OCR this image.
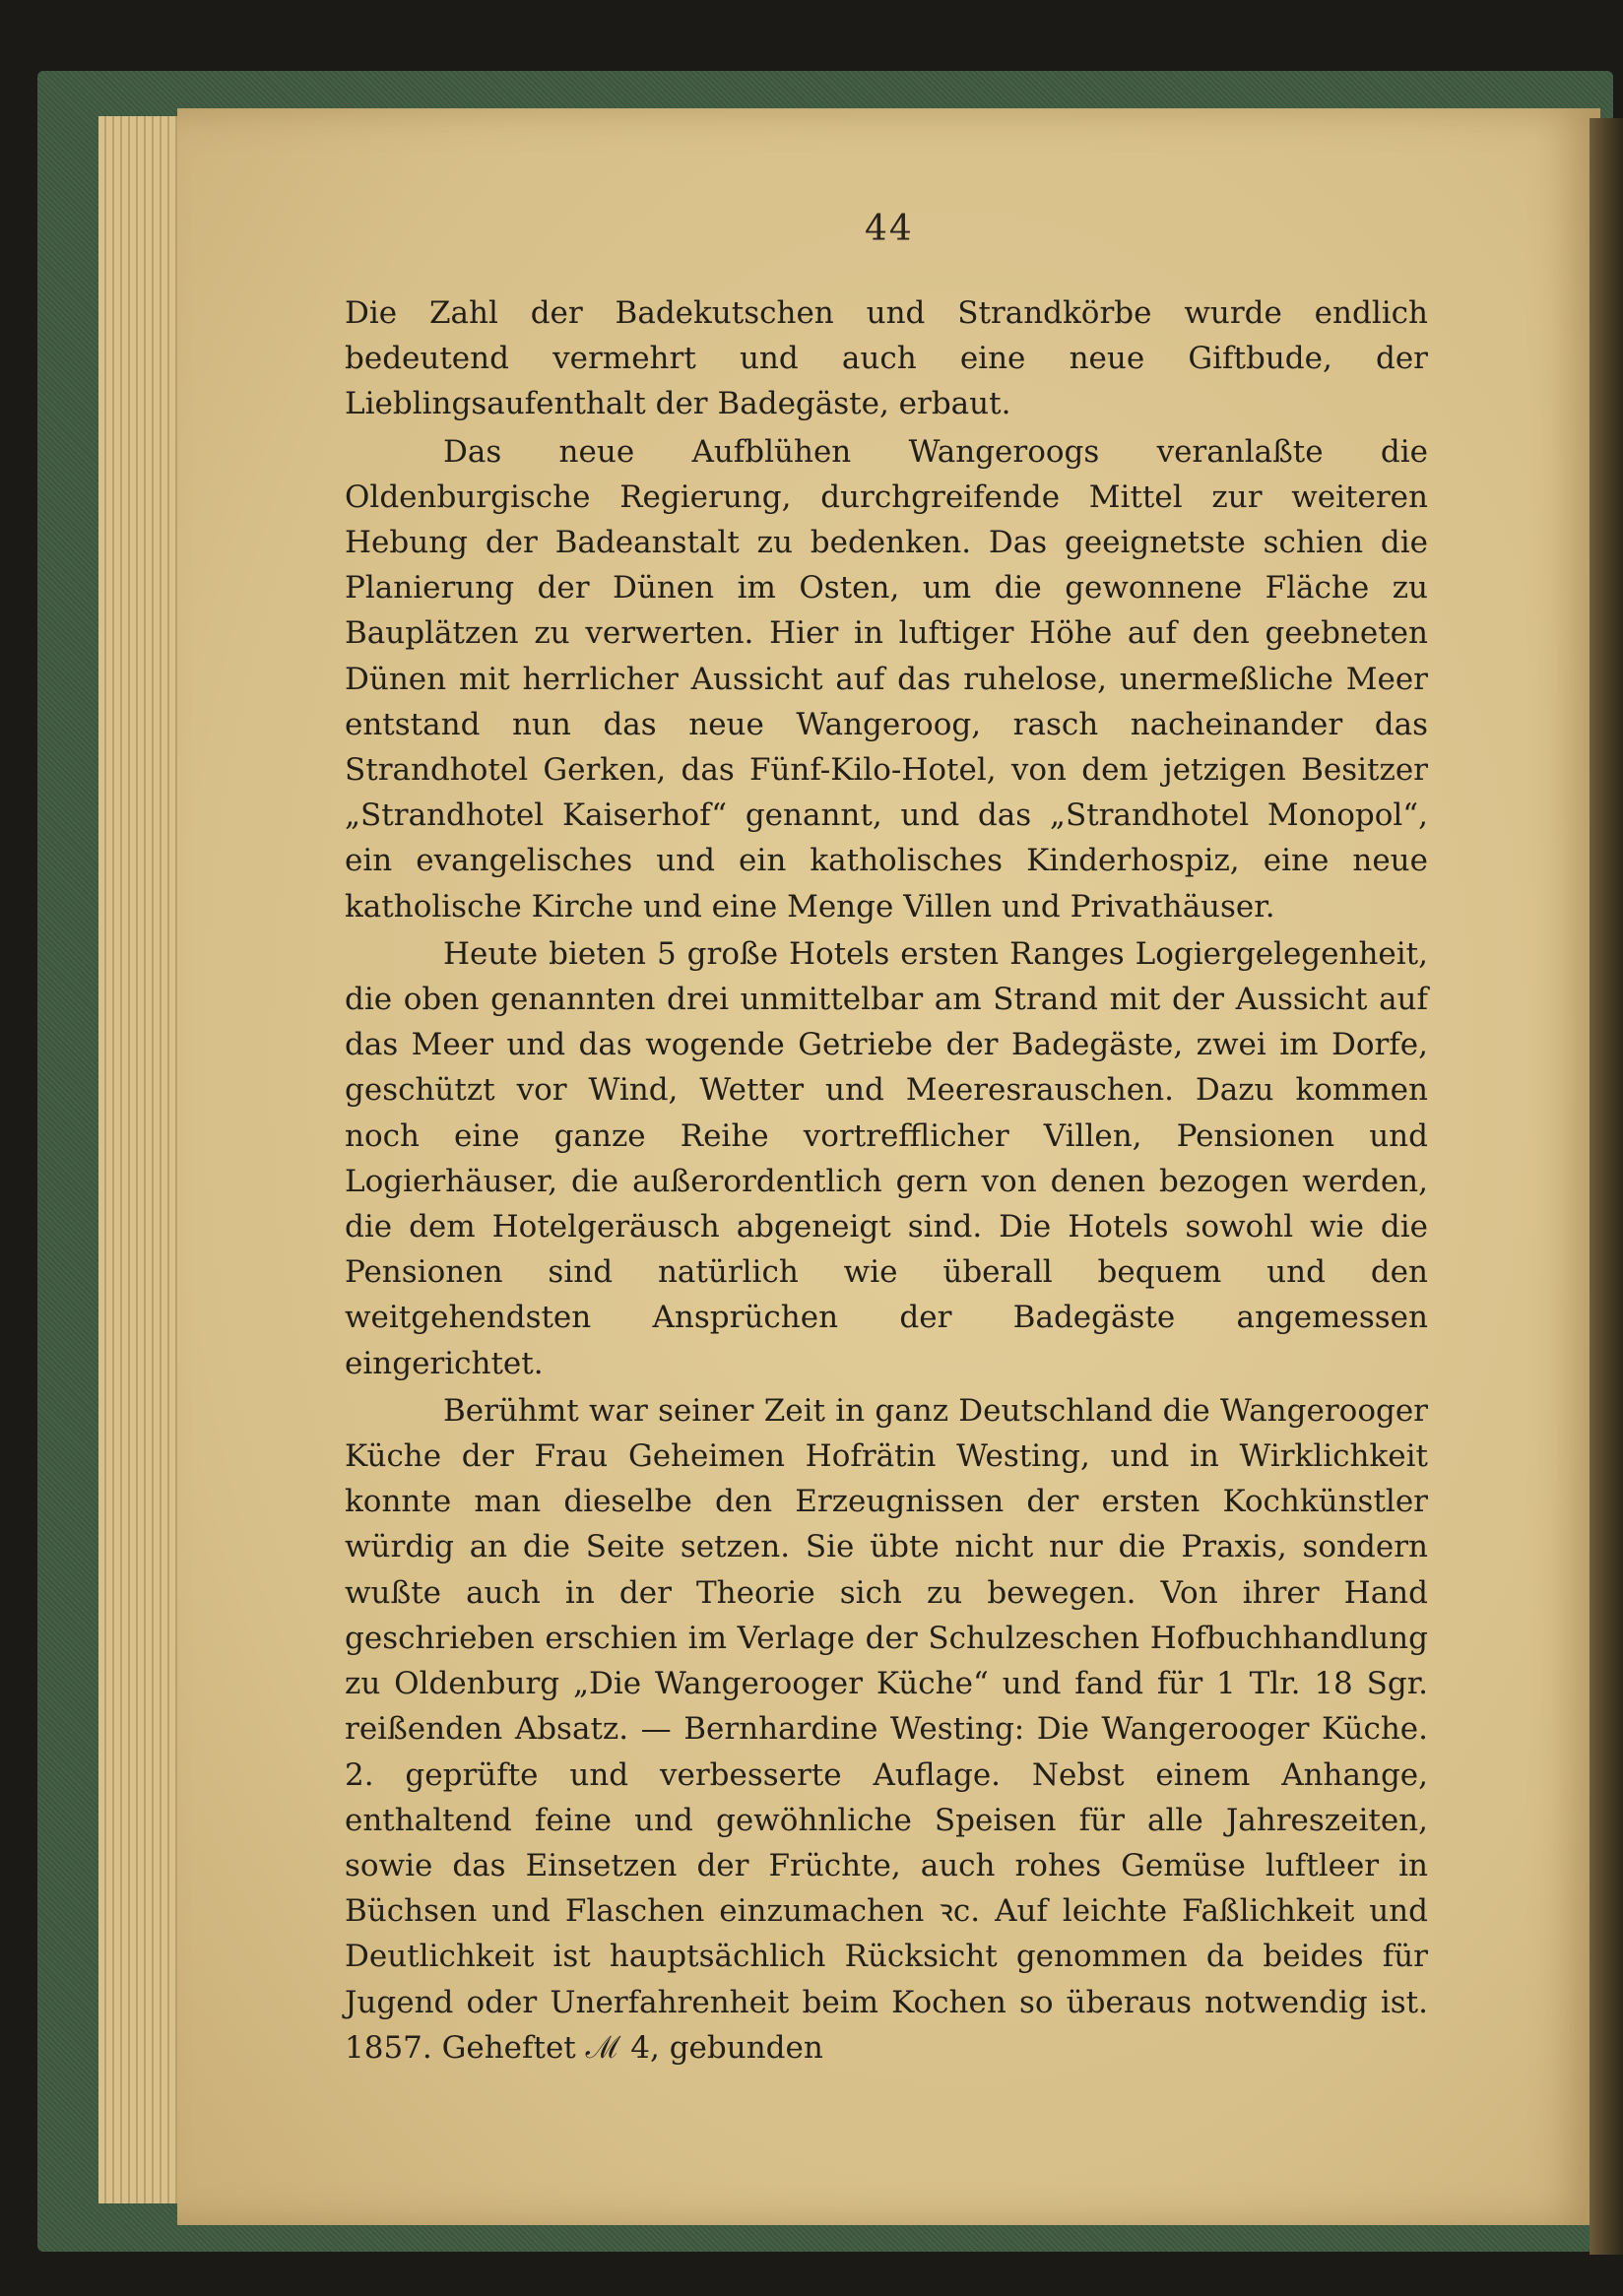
44

Die Zahl der Badekutschen und Strandkörbe wurde endlich bedeutend vermehrt und auch eine neue Giftbude, der Lieblingsaufenthalt der Badegäste, erbaut.

Das neue Aufblühen Wangeroogs veranlaßte die Oldenburgische Regierung, durchgreifende Mittel zur weiteren Hebung der Badeanstalt zu bedenken. Das geeignetste schien die Planierung der Dünen im Osten, um die gewonnene Fläche zu Bauplätzen zu verwerten. Hier in luftiger Höhe auf den geebneten Dünen mit herrlicher Aussicht auf das ruhelose, unermeßliche Meer entstand nun das neue Wangeroog, rasch nacheinander das Strandhotel Gerken, das Fünf-Kilo-Hotel, von dem jetzigen Besitzer „Strandhotel Kaiserhof“ genannt, und das „Strandhotel Monopol“, ein evangelisches und ein katholisches Kinderhospiz, eine neue katholische Kirche und eine Menge Villen und Privathäuser.

Heute bieten 5 große Hotels ersten Ranges Logiergelegenheit, die oben genannten drei unmittelbar am Strand mit der Aussicht auf das Meer und das wogende Getriebe der Badegäste, zwei im Dorfe, geschützt vor Wind, Wetter und Meeresrauschen. Dazu kommen noch eine ganze Reihe vortrefflicher Villen, Pensionen und Logierhäuser, die außerordentlich gern von denen bezogen werden, die dem Hotelgeräusch abgeneigt sind. Die Hotels sowohl wie die Pensionen sind natürlich wie überall bequem und den weitgehendsten Ansprüchen der Badegäste angemessen eingerichtet.

Berühmt war seiner Zeit in ganz Deutschland die Wangerooger Küche der Frau Geheimen Hofrätin Westing, und in Wirklichkeit konnte man dieselbe den Erzeugnissen der ersten Kochkünstler würdig an die Seite setzen. Sie übte nicht nur die Praxis, sondern wußte auch in der Theorie sich zu bewegen. Von ihrer Hand geschrieben erschien im Verlage der Schulzeschen Hofbuchhandlung zu Oldenburg „Die Wangerooger Küche“ und fand für 1 Tlr. 18 Sgr. reißenden Absatz. — Bernhardine Westing: Die Wangerooger Küche. 2. geprüfte und verbesserte Auflage. Nebst einem Anhange, enthaltend feine und gewöhnliche Speisen für alle Jahreszeiten, sowie das Einsetzen der Früchte, auch rohes Gemüse luftleer in Büchsen und Flaschen einzumachen ꝛc. Auf leichte Faßlichkeit und Deutlichkeit ist hauptsächlich Rücksicht genommen da beides für Jugend oder Unerfahrenheit beim Kochen so überaus notwendig ist. 1857. Geheftet ℳ 4, gebunden
